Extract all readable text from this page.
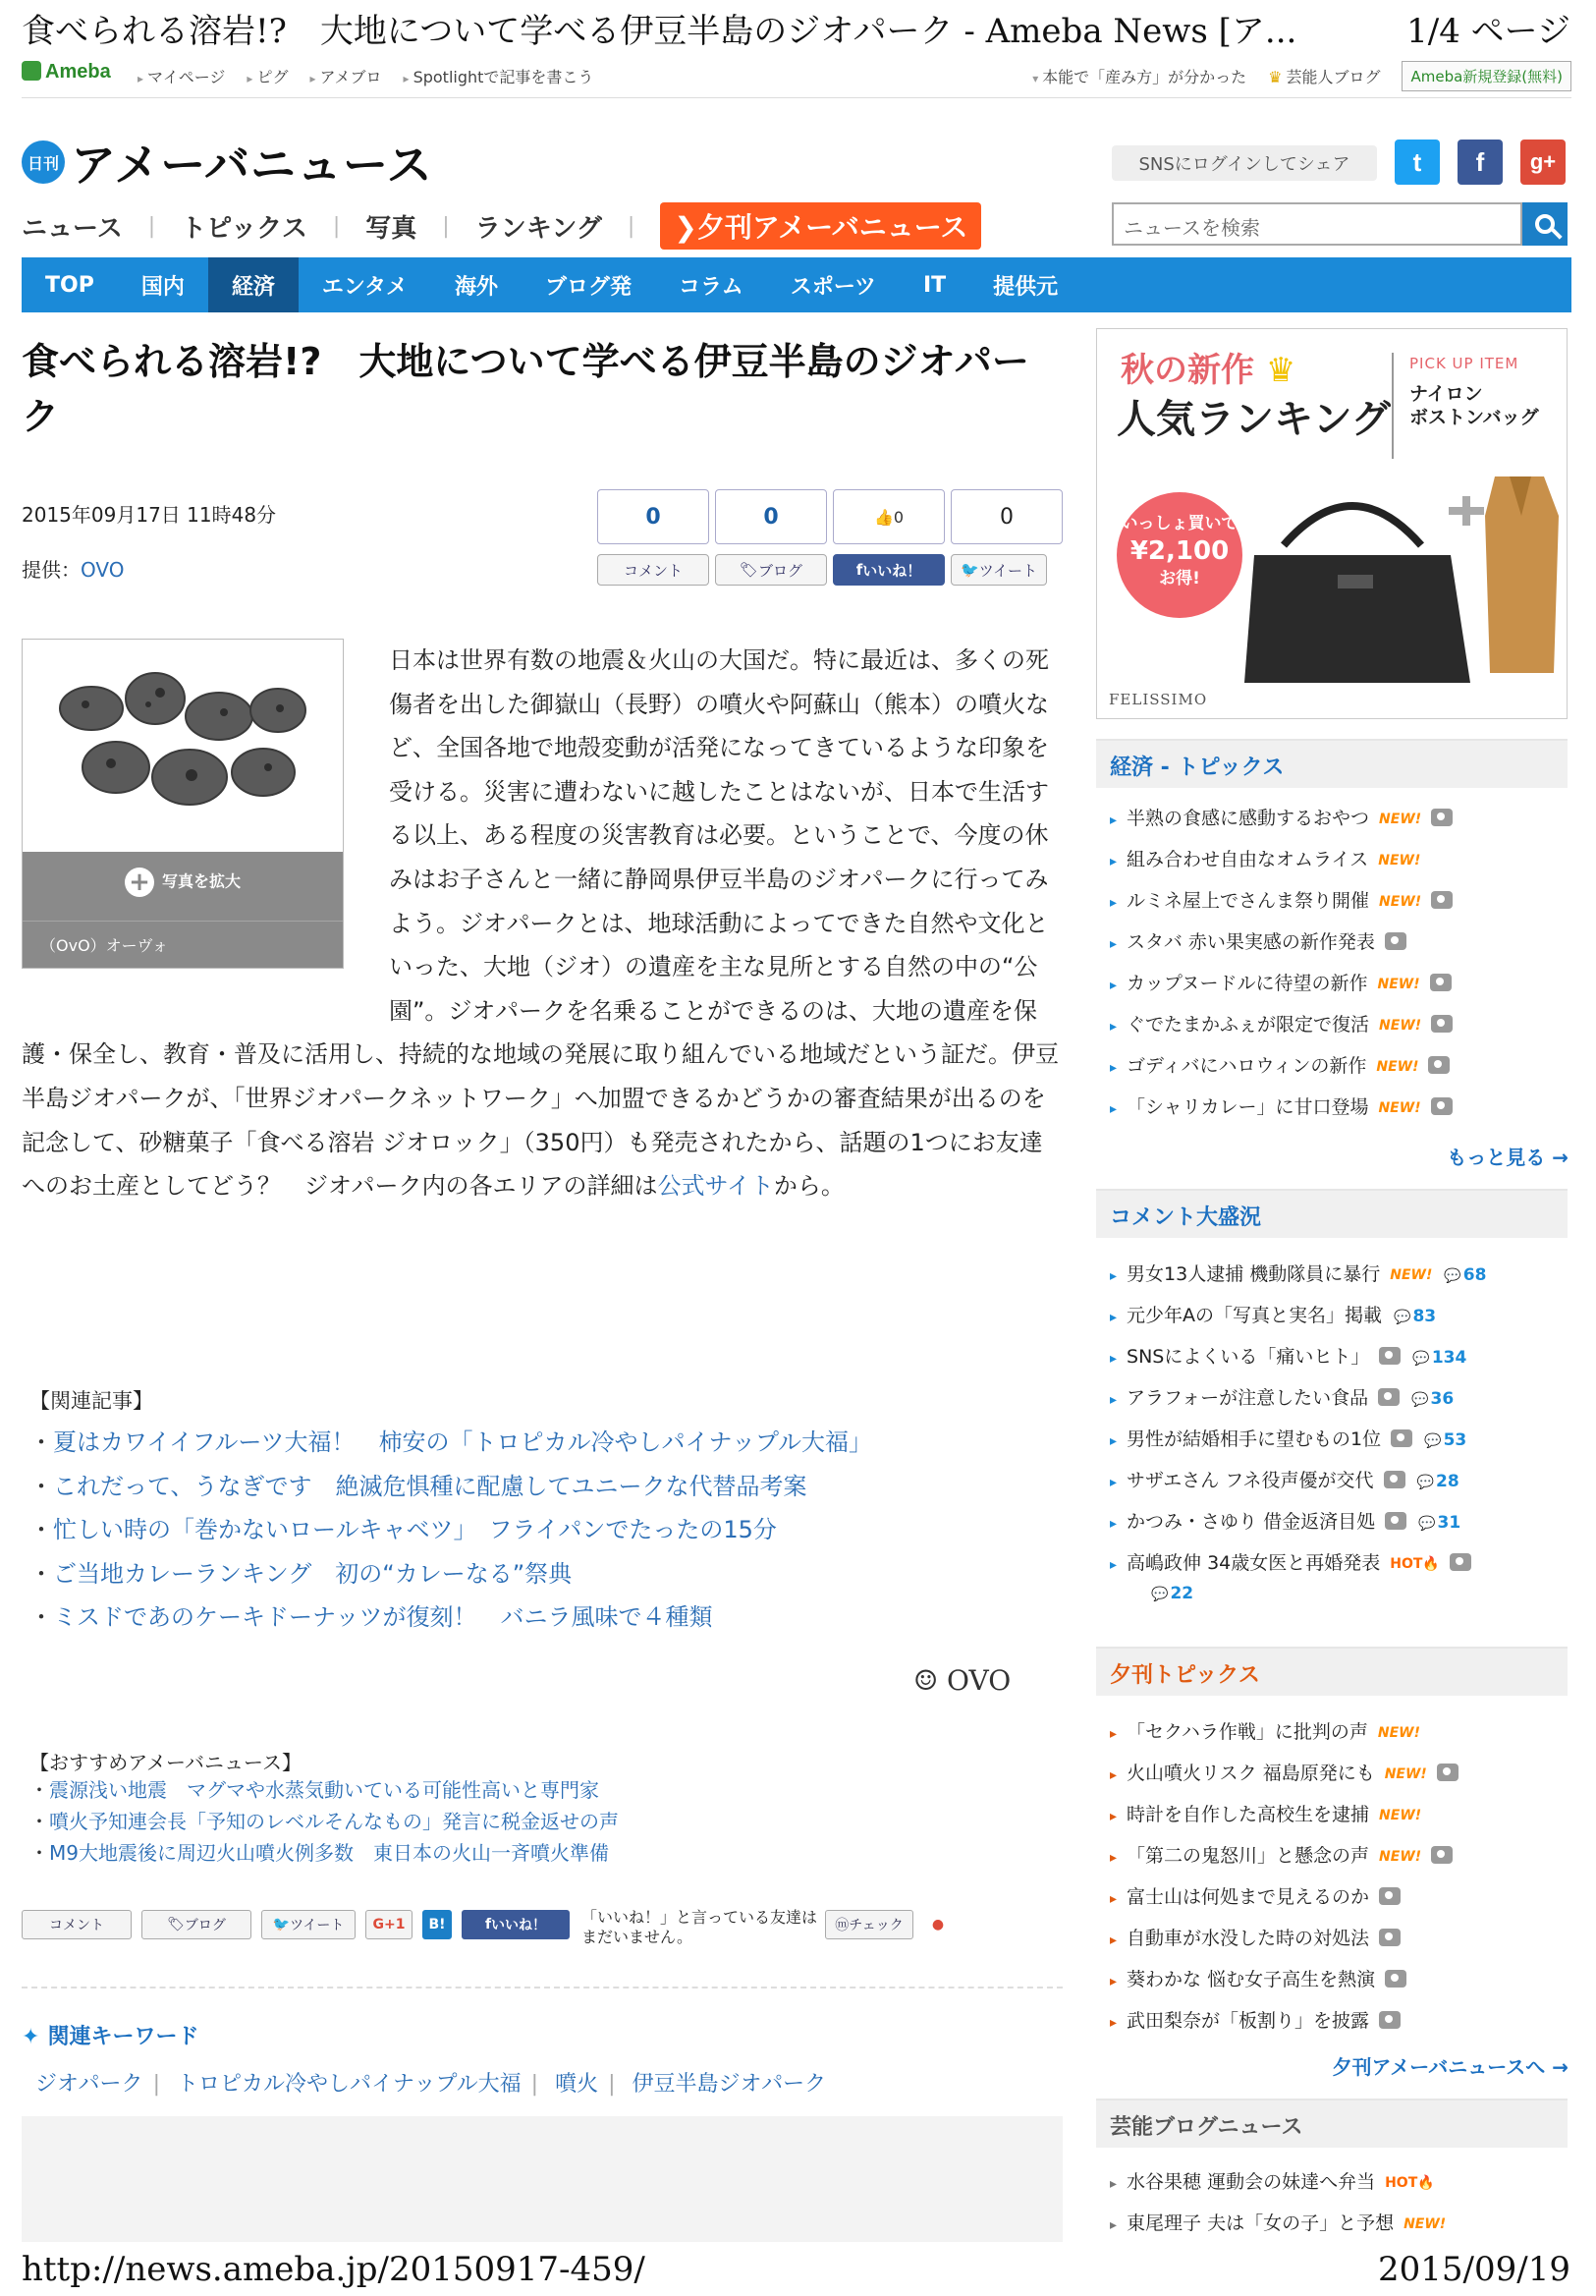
食べられる溶岩!?　大地について学べる伊豆半島のジオパーク - Ameba News [ア...	1/4 ページ
Ameba	▸ マイページ	▸ ピグ	▸ アメブロ	▸ Spotlightで記事を書こう	▾ 本能で「産み方」が分かった ♛ 芸能人ブログ	Ameba新規登録(無料)
日刊 アメーバニュース	SNSにログインしてシェア	t f g+
ニュース	|	トピックス	|	写真	|	ランキング	|	❯夕刊アメーバニュース	ニュースを検索
TOP	国内	経済	エンタメ	海外	ブログ発	コラム	スポーツ	IT	提供元
食べられる溶岩!?　大地について学べる伊豆半島のジオパーク
2015年09月17日 11時48分
提供：OVO
0	0	👍 0	0
コメント	🏷 ブログ	f いいね！	🐦 ツイート
+ 写真を拡大
（OvO）オーヴォ
日本は世界有数の地震＆火山の大国だ。特に最近は、多くの死傷者を出した御嶽山（長野）の噴火や阿蘇山（熊本）の噴火など、全国各地で地殻変動が活発になってきているような印象を受ける。災害に遭わないに越したことはないが、日本で生活する以上、ある程度の災害教育は必要。ということで、今度の休みはお子さんと一緒に静岡県伊豆半島のジオパークに行ってみよう。ジオパークとは、地球活動によってできた自然や文化といった、大地（ジオ）の遺産を主な見所とする自然の中の“公園”。ジオパークを名乗ることができるのは、大地の遺産を保護・保全し、教育・普及に活用し、持続的な地域の発展に取り組んでいる地域だという証だ。伊豆半島ジオパークが、「世界ジオパークネットワーク」へ加盟できるかどうかの審査結果が出るのを記念して、砂糖菓子「食べる溶岩 ジオロック」（350円）も発売されたから、話題の1つにお友達へのお土産としてどう？　ジオパーク内の各エリアの詳細は公式サイトから。
【関連記事】
・ 夏はカワイイフルーツ大福！　柿安の「トロピカル冷やしパイナップル大福」
・ これだって、うなぎです　絶滅危惧種に配慮してユニークな代替品考案
・ 忙しい時の「巻かないロールキャベツ」　フライパンでたったの15分
・ ご当地カレーランキング　初の“カレーなる”祭典
・ ミスドであのケーキドーナッツが復刻！　バニラ風味で４種類
☺ OVO
【おすすめアメーバニュース】
・ 震源浅い地震　マグマや水蒸気動いている可能性高いと専門家
・ 噴火予知連会長「予知のレベルそんなもの」発言に税金返せの声
・ M9大地震後に周辺火山噴火例多数　東日本の火山一斉噴火準備
コメント	🏷 ブログ	🐦 ツイート	G+1	B!	f いいね！ 「いいね！」と言っている友達はまだいません。
ⓜ チェック	●
✦ 関連キーワード
ジオパーク | トロピカル冷やしパイナップル大福 | 噴火 | 伊豆半島ジオパーク
秋の新作 ♛
人気ランキング
PICK UP ITEM
ナイロン
ボストンバッグ
いっしょ買いで
¥2,100
お得!
FELISSIMO
経済 - トピックス
▸ 半熟の食感に感動するおやつ NEW!
▸ 組み合わせ自由なオムライス NEW!
▸ ルミネ屋上でさんま祭り開催 NEW!
▸ スタバ 赤い果実感の新作発表
▸ カップヌードルに待望の新作 NEW!
▸ ぐでたまかふぇが限定で復活 NEW!
▸ ゴディバにハロウィンの新作 NEW!
▸ 「シャリカレー」に甘口登場 NEW!
もっと見る →
コメント大盛況
▸ 男女13人逮捕 機動隊員に暴行 NEW! 💬 68
▸ 元少年Aの「写真と実名」掲載 💬 83
▸ SNSによくいる「痛いヒト」	💬 134
▸ アラフォーが注意したい食品	💬 36
▸ 男性が結婚相手に望むもの1位	💬 53
▸ サザエさん フネ役声優が交代	💬 28
▸ かつみ・さゆり 借金返済目処	💬 31
▸ 高嶋政伸 34歳女医と再婚発表 HOT🔥
💬 22
夕刊トピックス
▸ 「セクハラ作戦」に批判の声 NEW!
▸ 火山噴火リスク 福島原発にも NEW!
▸ 時計を自作した高校生を逮捕 NEW!
▸ 「第二の鬼怒川」と懸念の声 NEW!
▸ 富士山は何処まで見えるのか
▸ 自動車が水没した時の対処法
▸ 葵わかな 悩む女子高生を熱演
▸ 武田梨奈が「板割り」を披露
夕刊アメーバニュースへ →
芸能ブログニュース
▸ 水谷果穂 運動会の妹達へ弁当 HOT🔥
▸ 東尾理子 夫は「女の子」と予想 NEW!
http://news.ameba.jp/20150917-459/	2015/09/19
